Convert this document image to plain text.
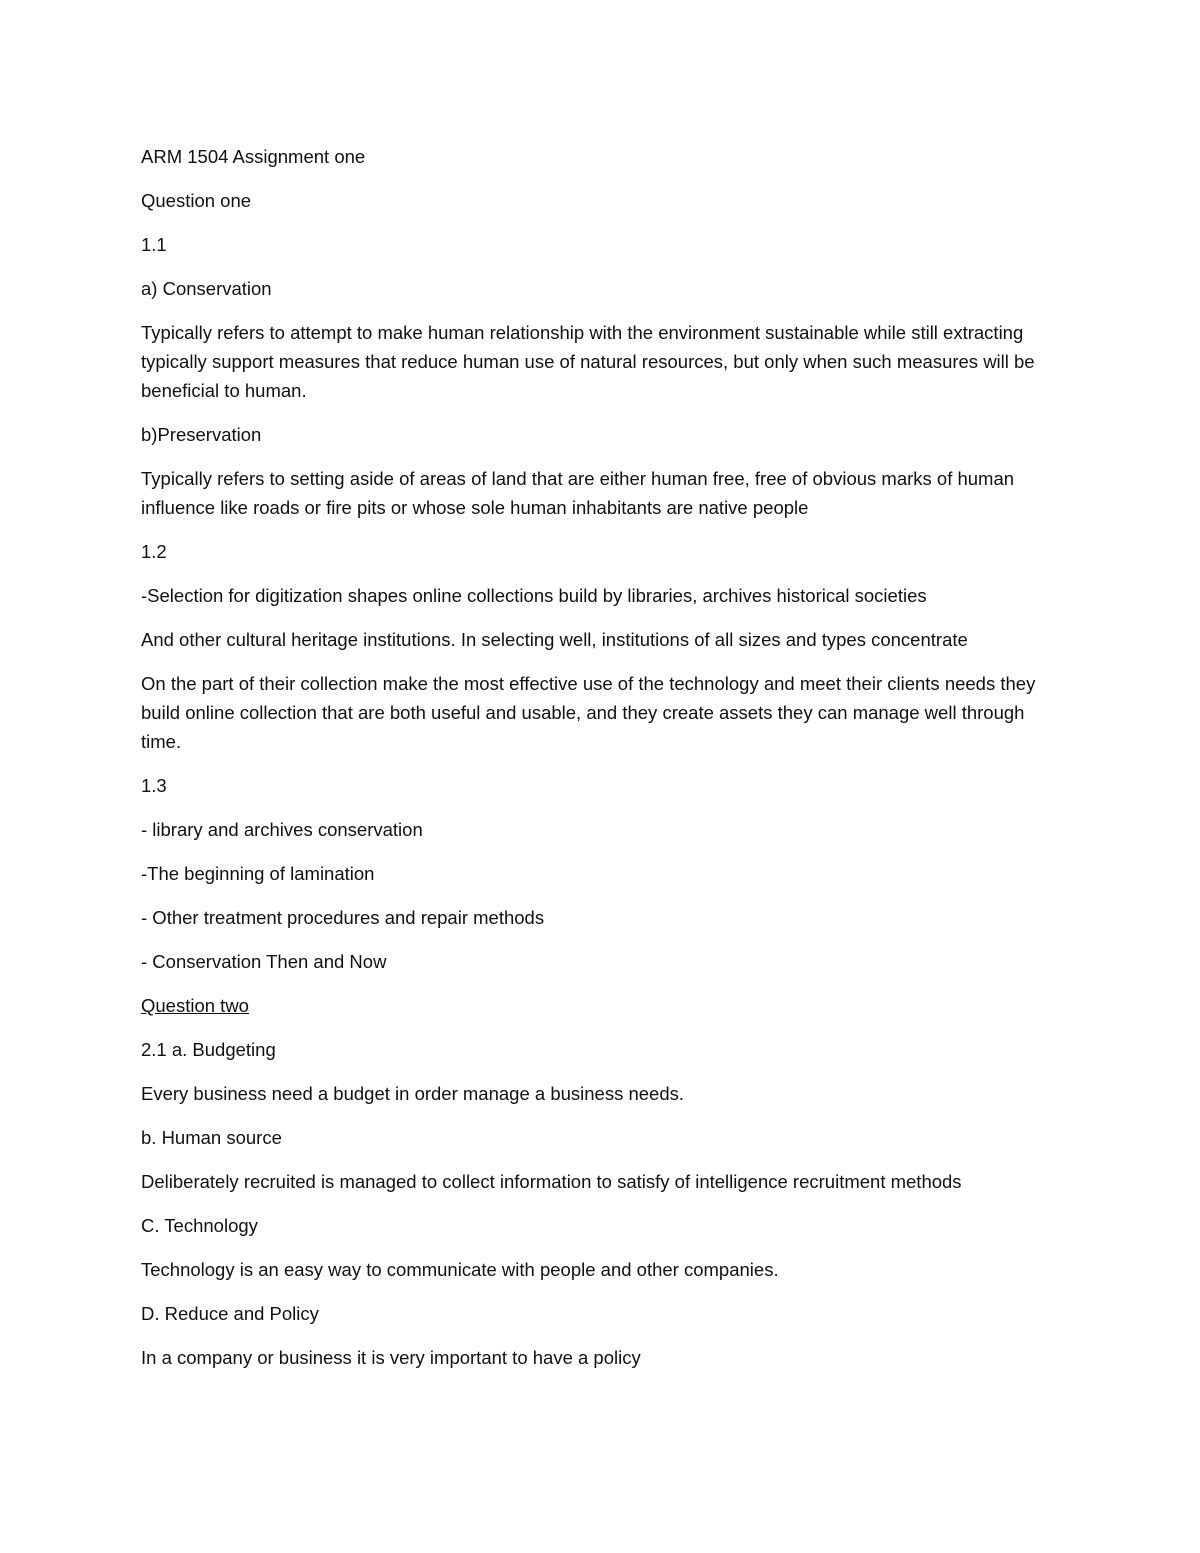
ARM 1504 Assignment one

Question one

1.1

a) Conservation

Typically refers to attempt to make human relationship with the environment sustainable while still extracting typically support measures that reduce human use of natural resources, but only when such measures will be beneficial to human.

b)Preservation

Typically refers to setting aside of areas of land that are either human free, free of obvious marks of human influence like roads or fire pits or whose sole human inhabitants are native people

1.2

-Selection for digitization shapes online collections build by libraries, archives historical societies

And other cultural heritage institutions. In selecting well, institutions of all sizes and types concentrate

On the part of their collection make the most effective use of the technology and meet their clients needs they build online collection that are both useful and usable, and they create assets they can manage well through time.

1.3

- library and archives conservation

-The beginning of lamination

- Other treatment procedures and repair methods

- Conservation Then and Now

Question two

2.1 a. Budgeting

Every business need a budget in order manage a business needs.

b. Human source

Deliberately recruited is managed to collect information to satisfy of intelligence recruitment methods

C. Technology

Technology is an easy way to communicate with people and other companies.

D. Reduce and Policy

In a company or business it is very important to have a policy
